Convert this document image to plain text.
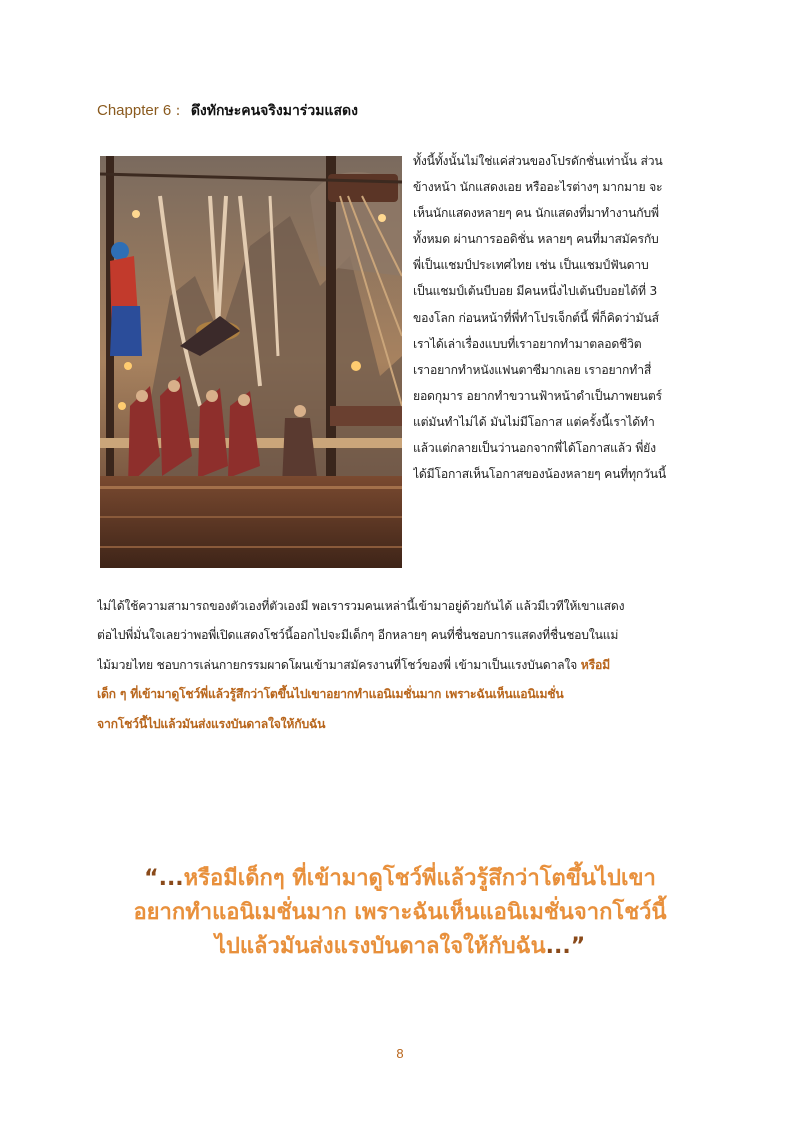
Chappter 6 : ดึงทักษะคนจริงมาร่วมแสดง
ทั้งนี้ทั้งนั้นไม่ใช่แค่ส่วนของโปรดักชั่นเท่านั้น ส่วน
ข้างหน้า นักแสดงเอย หรืออะไรต่างๆ มากมาย จะ
เห็นนักแสดงหลายๆ คน นักแสดงที่มาทำงานกับพี่
ทั้งหมด ผ่านการออดิชั่น หลายๆ คนที่มาสมัครกับ
พี่เป็นแชมป์ประเทศไทย เช่น เป็นแชมป์ฟันดาบ
เป็นแชมป์เต้นบีบอย มีคนหนึ่งไปเต้นบีบอยได้ที่ 3
ของโลก ก่อนหน้าที่พี่ทำโปรเจ็กต์นี้ พี่ก็คิดว่ามันส์
เราได้เล่าเรื่องแบบที่เราอยากทำมาตลอดชีวิต
เราอยากทำหนังแฟนตาซีมากเลย เราอยากทำสี่
ยอดกุมาร อยากทำขวานฟ้าหน้าดำเป็นภาพยนตร์
แต่มันทำไม่ได้ มันไม่มีโอกาส แต่ครั้งนี้เราได้ทำ
แล้วแต่กลายเป็นว่านอกจากพี่ได้โอกาสแล้ว พี่ยัง
ได้มีโอกาสเห็นโอกาสของน้องหลายๆ คนที่ทุกวันนี้
ไม่ได้ใช้ความสามารถของตัวเองที่ตัวเองมี พอเรารวมคนเหล่านี้เข้ามาอยู่ด้วยกันได้ แล้วมีเวทีให้เขาแสดง
ต่อไปพี่มั่นใจเลยว่าพอพี่เปิดแสดงโชว์นี้ออกไปจะมีเด็กๆ อีกหลายๆ คนที่ชื่นชอบการแสดงที่ชื่นชอบในแม่
ไม้มวยไทย ชอบการเล่นกายกรรมผาดโผนเข้ามาสมัครงานที่โชว์ของพี่ เข้ามาเป็นแรงบันดาลใจ หรือมี
เด็ก ๆ ที่เข้ามาดูโชว์พี่แล้วรู้สึกว่าโตขึ้นไปเขาอยากทำแอนิเมชั่นมาก เพราะฉันเห็นแอนิเมชั่น
จากโชว์นี้ไปแล้วมันส่งแรงบันดาลใจให้กับฉัน
“...หรือมีเด็กๆ ที่เข้ามาดูโชว์พี่แล้วรู้สึกว่าโตขึ้นไปเขา
อยากทำแอนิเมชั่นมาก เพราะฉันเห็นแอนิเมชั่นจากโชว์นี้
ไปแล้วมันส่งแรงบันดาลใจให้กับฉัน...”
8
